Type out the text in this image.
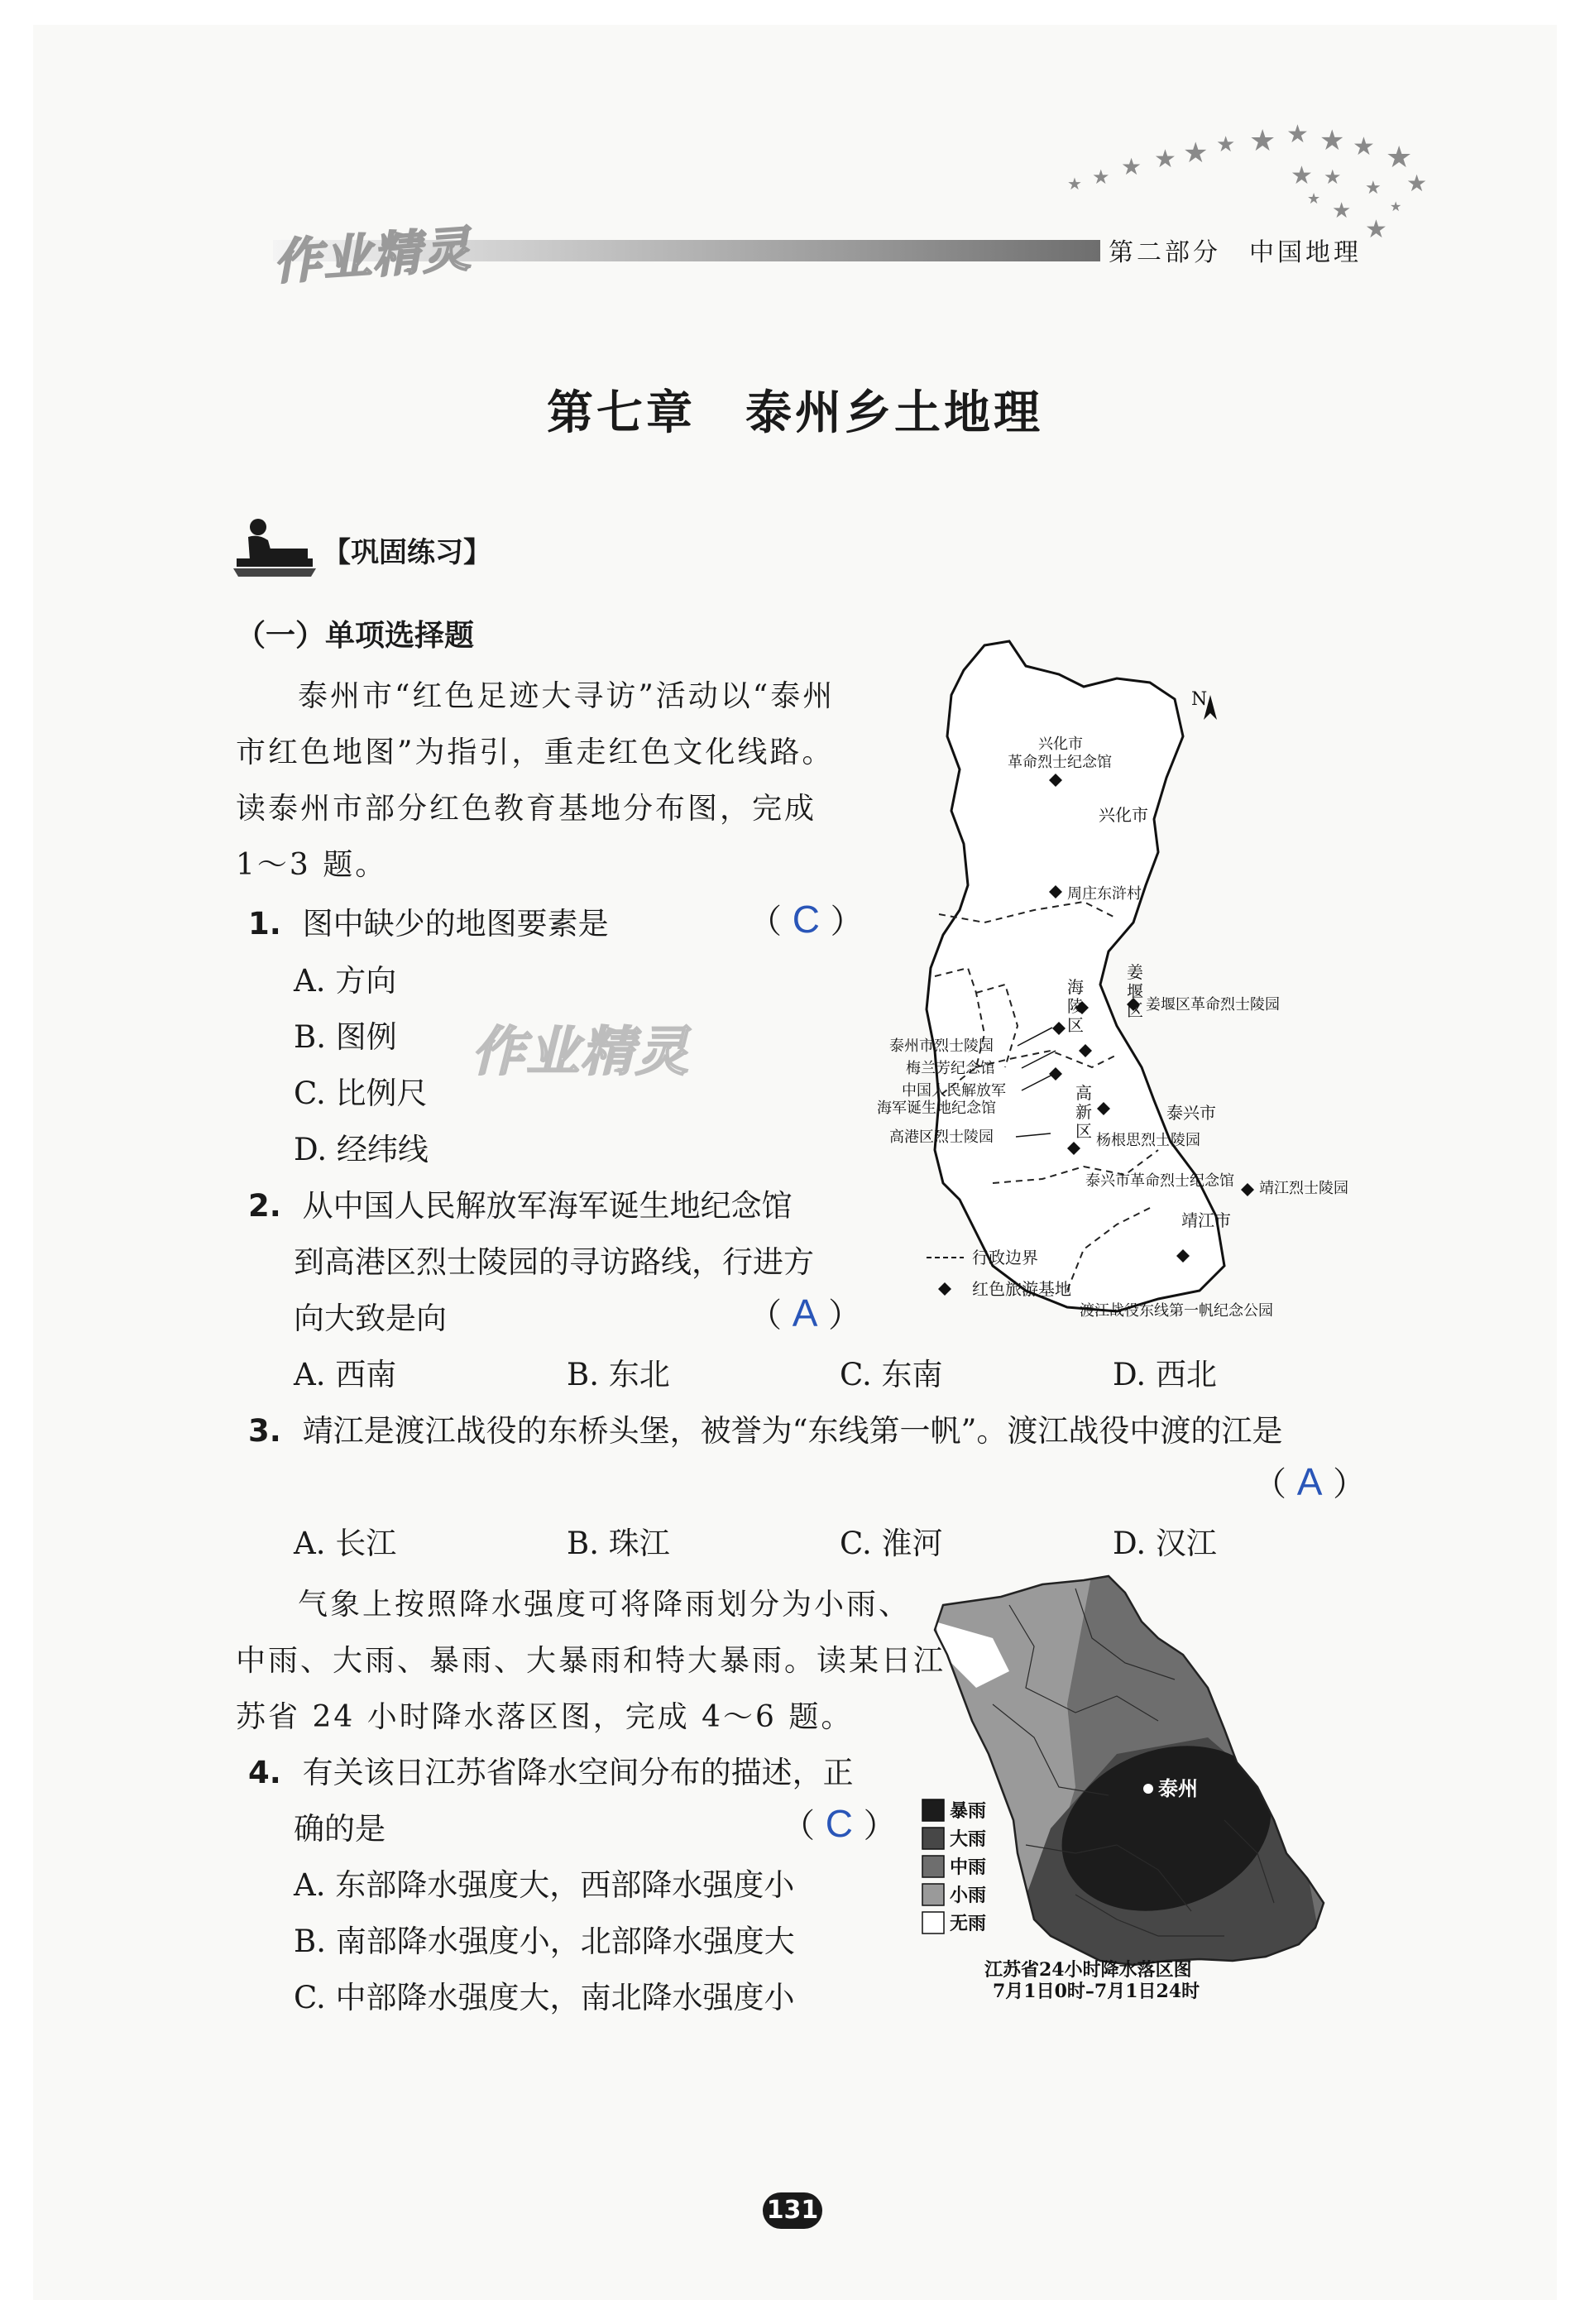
作业精灵	第二部分　中国地理
★ ★ ★ ★ ★ ★ ★ ★ ★ ★ ★
★
★
★
★
★
★
★	★
第七章　泰州乡土地理
【巩固练习】
（一）单项选择题
泰州市“红色足迹大寻访”活动以“泰州
市红色地图”为指引，重走红色文化线路。
读泰州市部分红色教育基地分布图，完成
1～3 题。
1. 图中缺少的地图要素是	（ C ）
A. 方向
B. 图例
C. 比例尺
D. 经纬线
2. 从中国人民解放军海军诞生地纪念馆
到高港区烈士陵园的寻访路线，行进方
向大致是向	（ A ）
A. 西南	B. 东北	C. 东南	D. 西北
3. 靖江是渡江战役的东桥头堡，被誉为“东线第一帆”。渡江战役中渡的江是
（ A ）
A. 长江	B. 珠江	C. 淮河	D. 汉江
气象上按照降水强度可将降雨划分为小雨、
中雨、大雨、暴雨、大暴雨和特大暴雨。读某日江
苏省 24 小时降水落区图，完成 4～6 题。
4. 有关该日江苏省降水空间分布的描述，正
确的是	（ C ）
A. 东部降水强度大，西部降水强度小
B. 南部降水强度小，北部降水强度大
C. 中部降水强度大，南北降水强度小
作业精灵
N
兴化市
革命烈士纪念馆
兴化市
周庄东浒村
姜
堰
区 姜堰区革命烈士陵园
海
陵
区
泰州市烈士陵园
梅兰芳纪念馆
中国人民解放军
海军诞生地纪念馆
高
新
区
高港区烈士陵园
泰兴市
杨根思烈士陵园
泰兴市革命烈士纪念馆 靖江烈士陵园
靖江市
渡江战役东线第一帆纪念公园
行政边界
红色旅游基地
泰州
暴雨
大雨
中雨
小雨
无雨
江苏省24小时降水落区图
7月1日0时–7月1日24时
131
